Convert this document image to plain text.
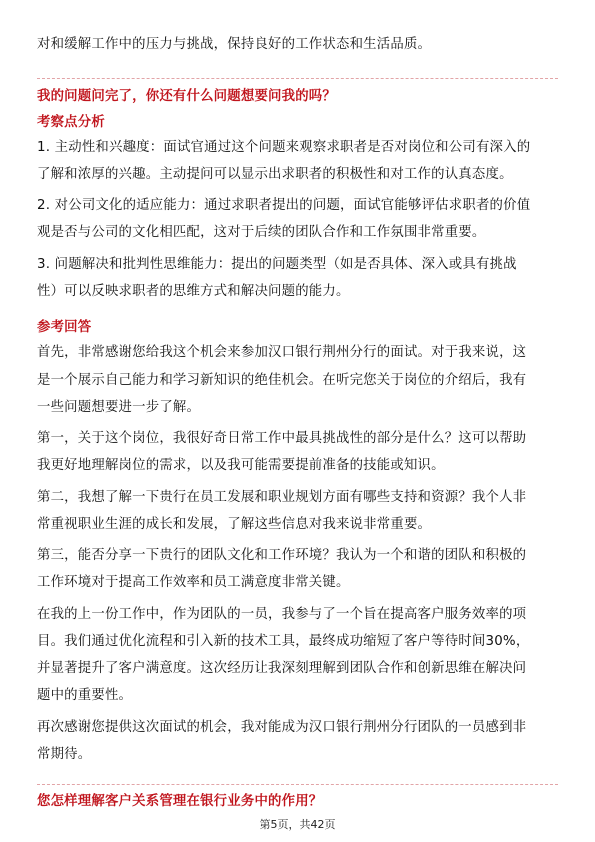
对和缓解工作中的压力与挑战，保持良好的工作状态和生活品质。
我的问题问完了，你还有什么问题想要问我的吗？
考察点分析
1. 主动性和兴趣度：面试官通过这个问题来观察求职者是否对岗位和公司有深入的
了解和浓厚的兴趣。主动提问可以显示出求职者的积极性和对工作的认真态度。
2. 对公司文化的适应能力：通过求职者提出的问题，面试官能够评估求职者的价值
观是否与公司的文化相匹配，这对于后续的团队合作和工作氛围非常重要。
3. 问题解决和批判性思维能力：提出的问题类型（如是否具体、深入或具有挑战
性）可以反映求职者的思维方式和解决问题的能力。
参考回答
首先，非常感谢您给我这个机会来参加汉口银行荆州分行的面试。对于我来说，这
是一个展示自己能力和学习新知识的绝佳机会。在听完您关于岗位的介绍后，我有
一些问题想要进一步了解。
第一，关于这个岗位，我很好奇日常工作中最具挑战性的部分是什么？这可以帮助
我更好地理解岗位的需求，以及我可能需要提前准备的技能或知识。
第二，我想了解一下贵行在员工发展和职业规划方面有哪些支持和资源？我个人非
常重视职业生涯的成长和发展，了解这些信息对我来说非常重要。
第三，能否分享一下贵行的团队文化和工作环境？我认为一个和谐的团队和积极的
工作环境对于提高工作效率和员工满意度非常关键。
在我的上一份工作中，作为团队的一员，我参与了一个旨在提高客户服务效率的项
目。我们通过优化流程和引入新的技术工具，最终成功缩短了客户等待时间30%，
并显著提升了客户满意度。这次经历让我深刻理解到团队合作和创新思维在解决问
题中的重要性。
再次感谢您提供这次面试的机会，我对能成为汉口银行荆州分行团队的一员感到非
常期待。
您怎样理解客户关系管理在银行业务中的作用？
第5页，共42页
